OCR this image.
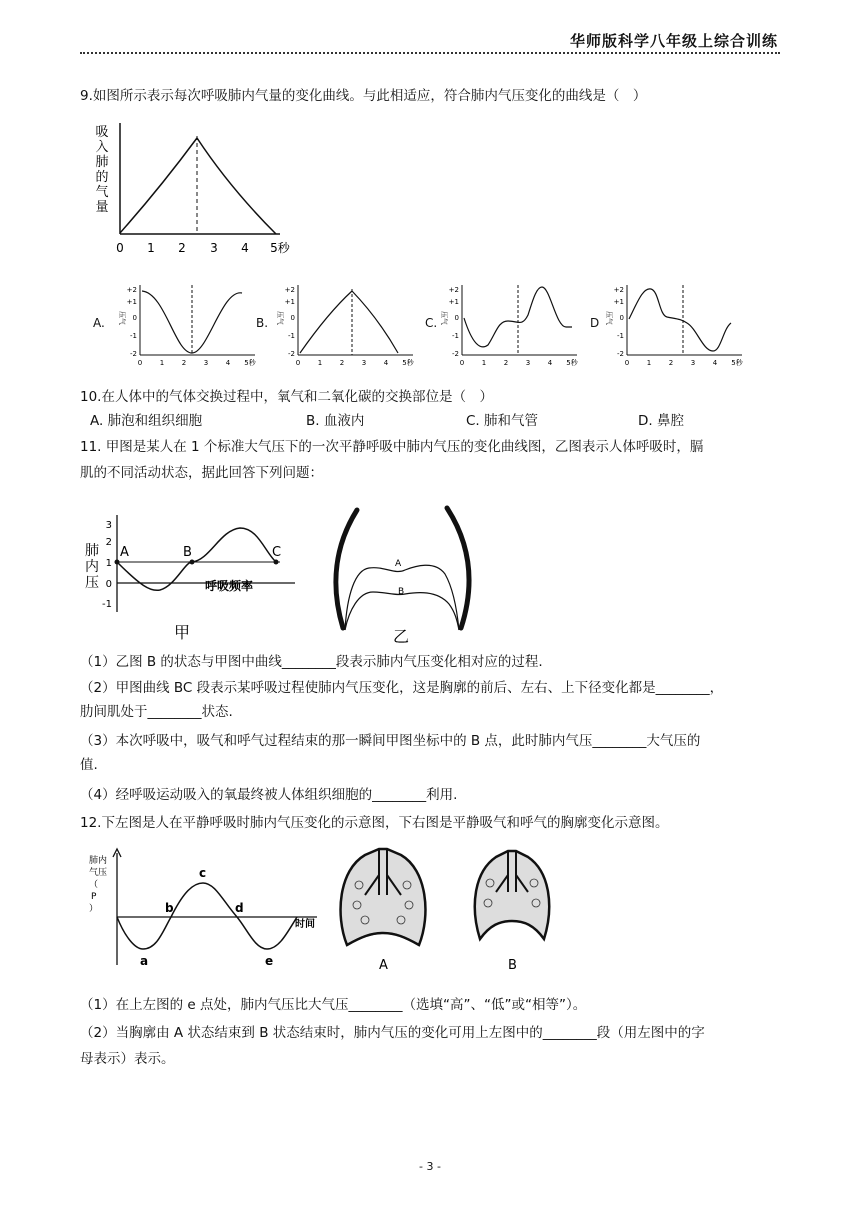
华师版科学八年级上综合训练
9.如图所示表示每次呼吸肺内气量的变化曲线。与此相适应，符合肺内气压变化的曲线是（　）
吸
入
肺
的
气
量
0 1 2 3 4 5秒
A.
+2
+1
0
-1
-2
压气
0	1	2	3	4 5秒
B.
+2
+1
0
-1
-2
压气
0	1	2	3	4 5秒
C.
+2
+1
0
-1
-2
压气
0	1	2	3	4 5秒
D
+2
+1
0
-1
-2
压气
0	1	2	3	4 5秒
10.在人体中的气体交换过程中，氧气和二氧化碳的交换部位是（　）
A. 肺泡和组织细胞	B. 血液内	C. 肺和气管	D. 鼻腔
11. 甲图是某人在 1 个标准大气压下的一次平静呼吸中肺内气压的变化曲线图，乙图表示人体呼吸时，膈
肌的不同活动状态，据此回答下列问题：
肺
内
压
3
2
1
0
-1
A	B	C
呼吸频率
甲
A
B
乙
（1）乙图 B 的状态与甲图中曲线________段表示肺内气压变化相对应的过程.
（2）甲图曲线 BC 段表示某呼吸过程使肺内气压变化，这是胸廓的前后、左右、上下径变化都是________，
肋间肌处于________状态.
（3）本次呼吸中，吸气和呼气过程结束的那一瞬间甲图坐标中的 B 点，此时肺内气压________大气压的
值.
（4）经呼吸运动吸入的氧最终被人体组织细胞的________利用.
12.下左图是人在平静呼吸时肺内气压变化的示意图，下右图是平静吸气和呼气的胸廓变化示意图。
肺内
气压
（
P
）
时间
a
b
c
d
e	A	B
（1）在上左图的 e 点处，肺内气压比大气压________（选填“高”、“低”或“相等”）。
（2）当胸廓由 A 状态结束到 B 状态结束时，肺内气压的变化可用上左图中的________段（用左图中的字
母表示）表示。
- 3 -
